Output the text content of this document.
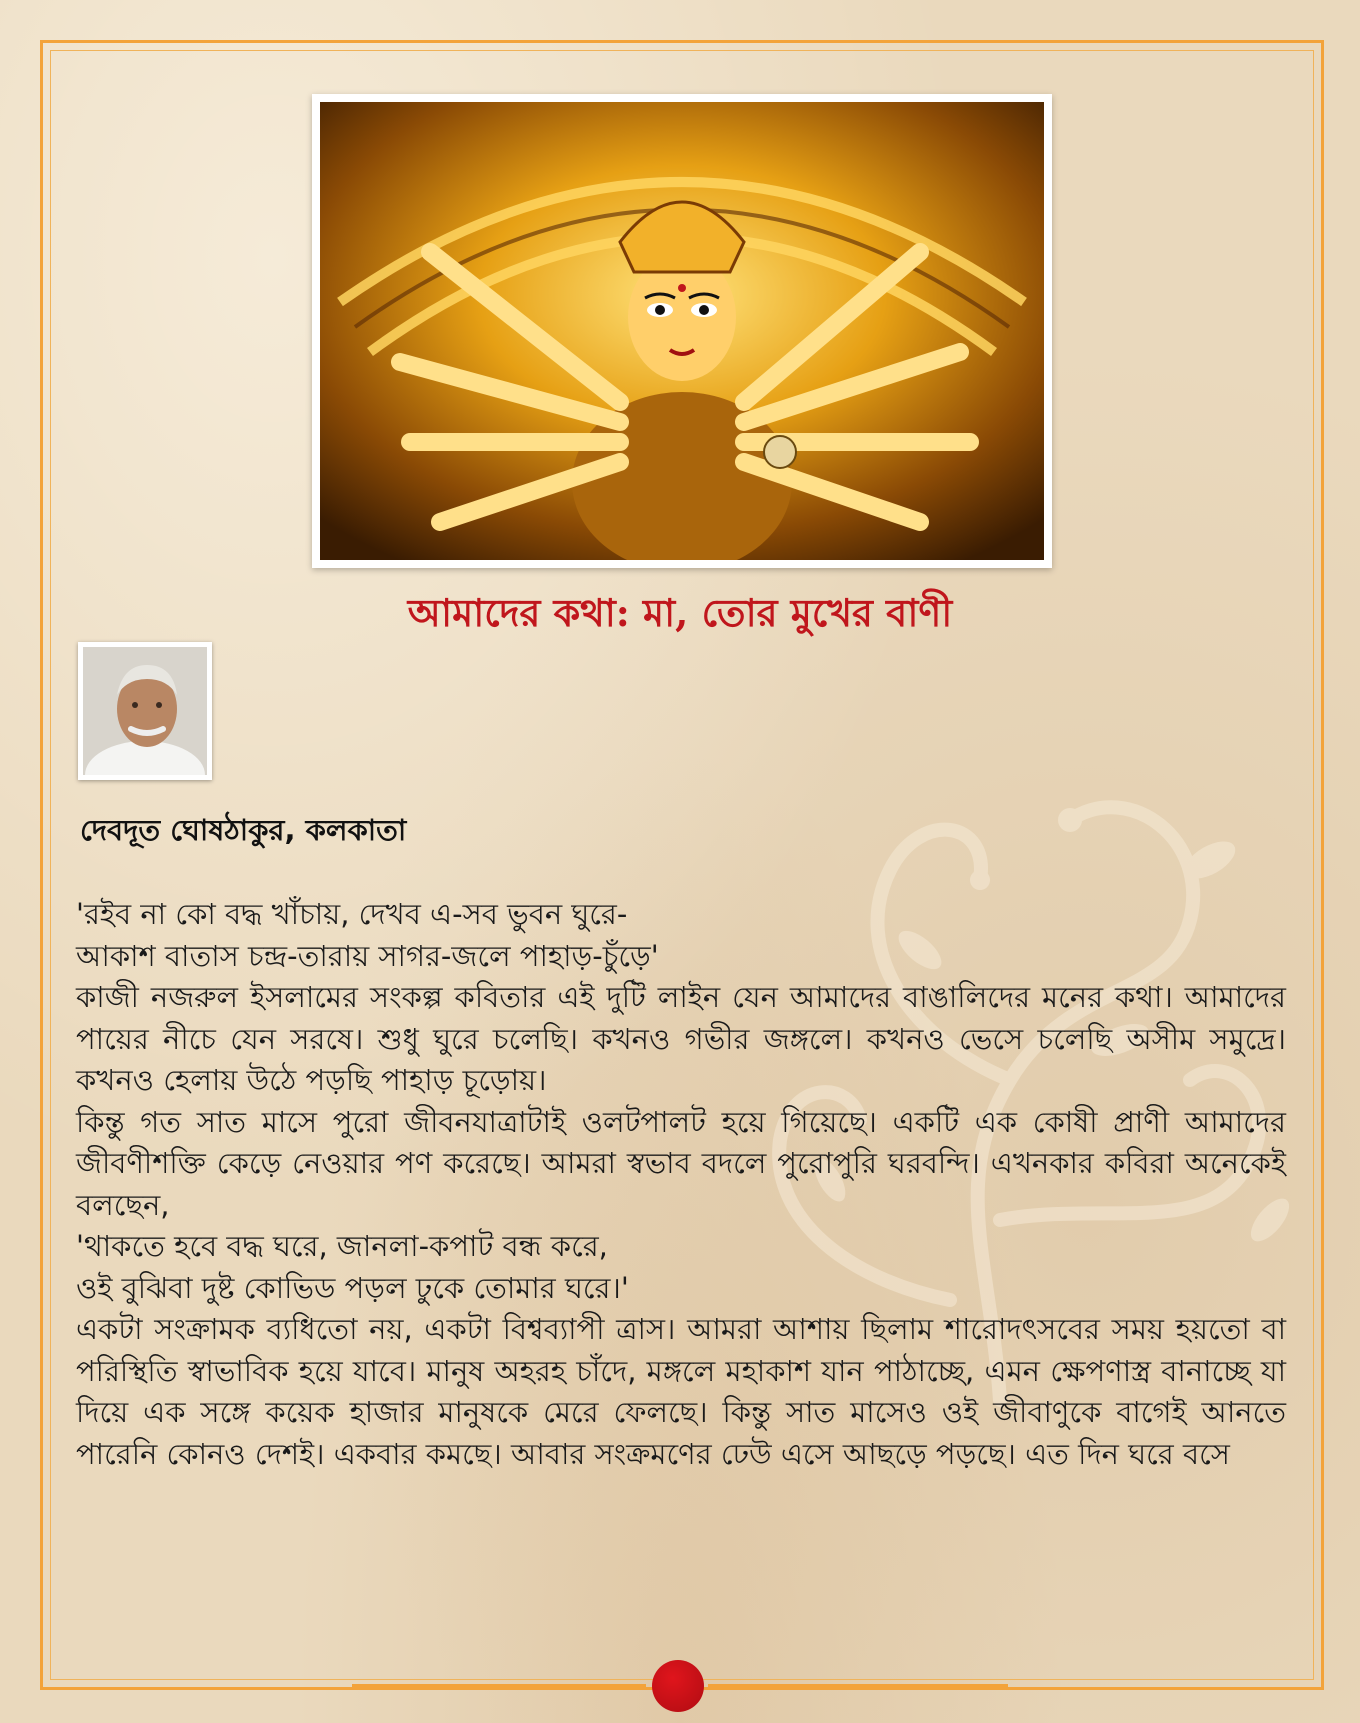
আমাদের কথা: মা, তোর মুখের বাণী
দেবদূত ঘোষঠাকুর, কলকাতা

'রইব না কো বদ্ধ খাঁচায়, দেখব এ-সব ভুবন ঘুরে-

আকাশ বাতাস চন্দ্র-তারায় সাগর-জলে পাহাড়-চুঁড়ে'

কাজী নজরুল ইসলামের সংকল্প কবিতার এই দুটি লাইন যেন আমাদের বাঙালিদের মনের কথা। আমাদের পায়ের নীচে যেন সরষে। শুধু ঘুরে চলেছি। কখনও গভীর জঙ্গলে। কখনও ভেসে চলেছি অসীম সমুদ্রে। কখনও হেলায় উঠে পড়ছি পাহাড় চূড়োয়।

কিন্তু গত সাত মাসে পুরো জীবনযাত্রাটাই ওলটপালট হয়ে গিয়েছে। একটি এক কোষী প্রাণী আমাদের জীবণীশক্তি কেড়ে নেওয়ার পণ করেছে। আমরা স্বভাব বদলে পুরোপুরি ঘরবন্দি। এখনকার কবিরা অনেকেই বলছেন,

'থাকতে হবে বদ্ধ ঘরে, জানলা-কপাট বন্ধ করে,

ওই বুঝিবা দুষ্ট কোভিড পড়ল ঢুকে তোমার ঘরে।'

একটা সংক্রামক ব্যধিতো নয়, একটা বিশ্বব্যাপী ত্রাস। আমরা আশায় ছিলাম শারোদৎসবের সময় হয়তো বা পরিস্থিতি স্বাভাবিক হয়ে যাবে। মানুষ অহরহ চাঁদে, মঙ্গলে মহাকাশ যান পাঠাচ্ছে, এমন ক্ষেপণাস্ত্র বানাচ্ছে যা দিয়ে এক সঙ্গে কয়েক হাজার মানুষকে মেরে ফেলছে। কিন্তু সাত মাসেও ওই জীবাণুকে বাগেই আনতে পারেনি কোনও দেশই। একবার কমছে। আবার সংক্রমণের ঢেউ এসে আছড়ে পড়ছে। এত দিন ঘরে বসে
